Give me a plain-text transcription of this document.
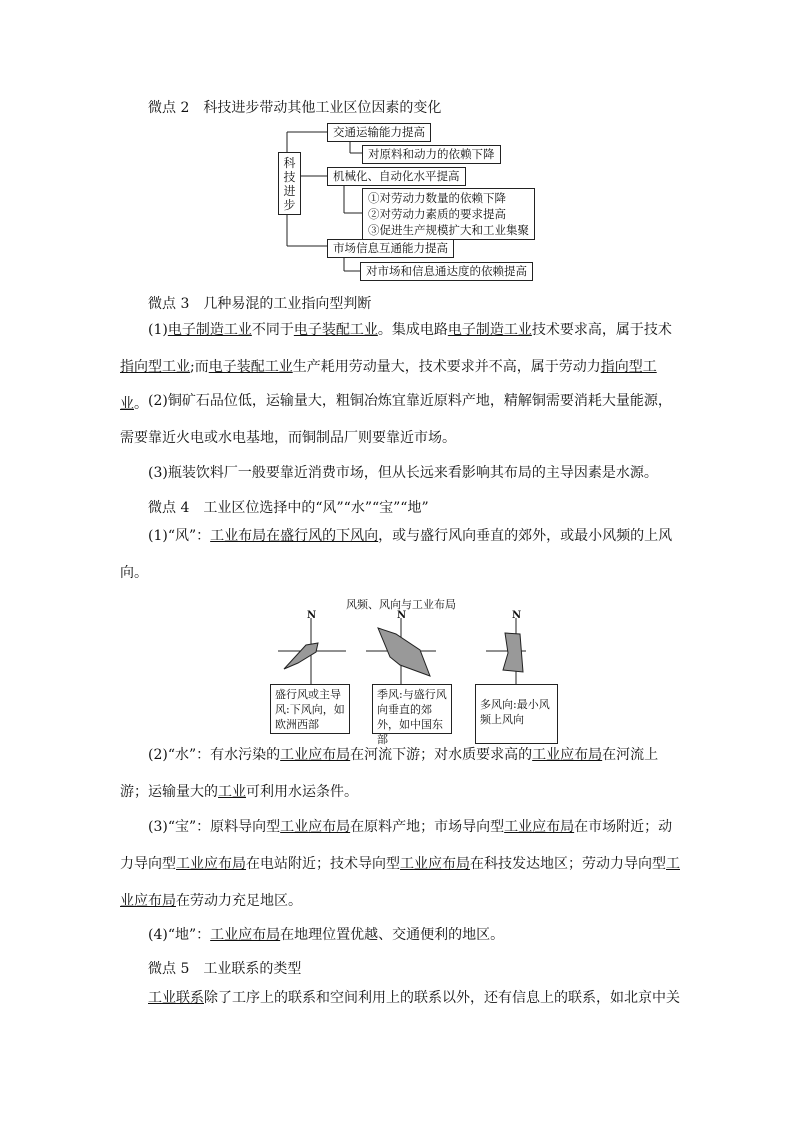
微点 2　科技进步带动其他工业区位因素的变化
科
技
进
步
交通运输能力提高
对原料和动力的依赖下降
机械化、自动化水平提高
①对劳动力数量的依赖下降
②对劳动力素质的要求提高
③促进生产规模扩大和工业集聚
市场信息互通能力提高
对市场和信息通达度的依赖提高
微点 3　几种易混的工业指向型判断
(1)电子制造工业不同于电子装配工业。集成电路电子制造工业技术要求高，属于技术指向型工业;而电子装配工业生产耗用劳动量大，技术要求并不高，属于劳动力指向型工业。 (2)铜矿石品位低，运输量大，粗铜冶炼宜靠近原料产地，精解铜需要消耗大量能源，需要靠近火电或水电基地，而铜制品厂则要靠近市场。
(3)瓶装饮料厂一般要靠近消费市场，但从长远来看影响其布局的主导因素是水源。
微点 4　工业区位选择中的“风”“水”“宝”“地”
(1)“风”：工业布局在盛行风的下风向，或与盛行风向垂直的郊外，或最小风频的上风向。
风频、风向与工业布局
N	N	N
盛行风或主导风:下风向，如欧洲西部
季风:与盛行风向垂直的郊外，如中国东部
多风向:最小风频上风向
(2)“水”：有水污染的工业应布局在河流下游；对水质要求高的工业应布局在河流上游；运输量大的工业可利用水运条件。
(3)“宝”：原料导向型工业应布局在原料产地；市场导向型工业应布局在市场附近；动力导向型工业应布局在电站附近；技术导向型工业应布局在科技发达地区；劳动力导向型工业应布局在劳动力充足地区。
(4)“地”：工业应布局在地理位置优越、交通便利的地区。
微点 5　工业联系的类型
工业联系除了工序上的联系和空间利用上的联系以外，还有信息上的联系，如北京中关
